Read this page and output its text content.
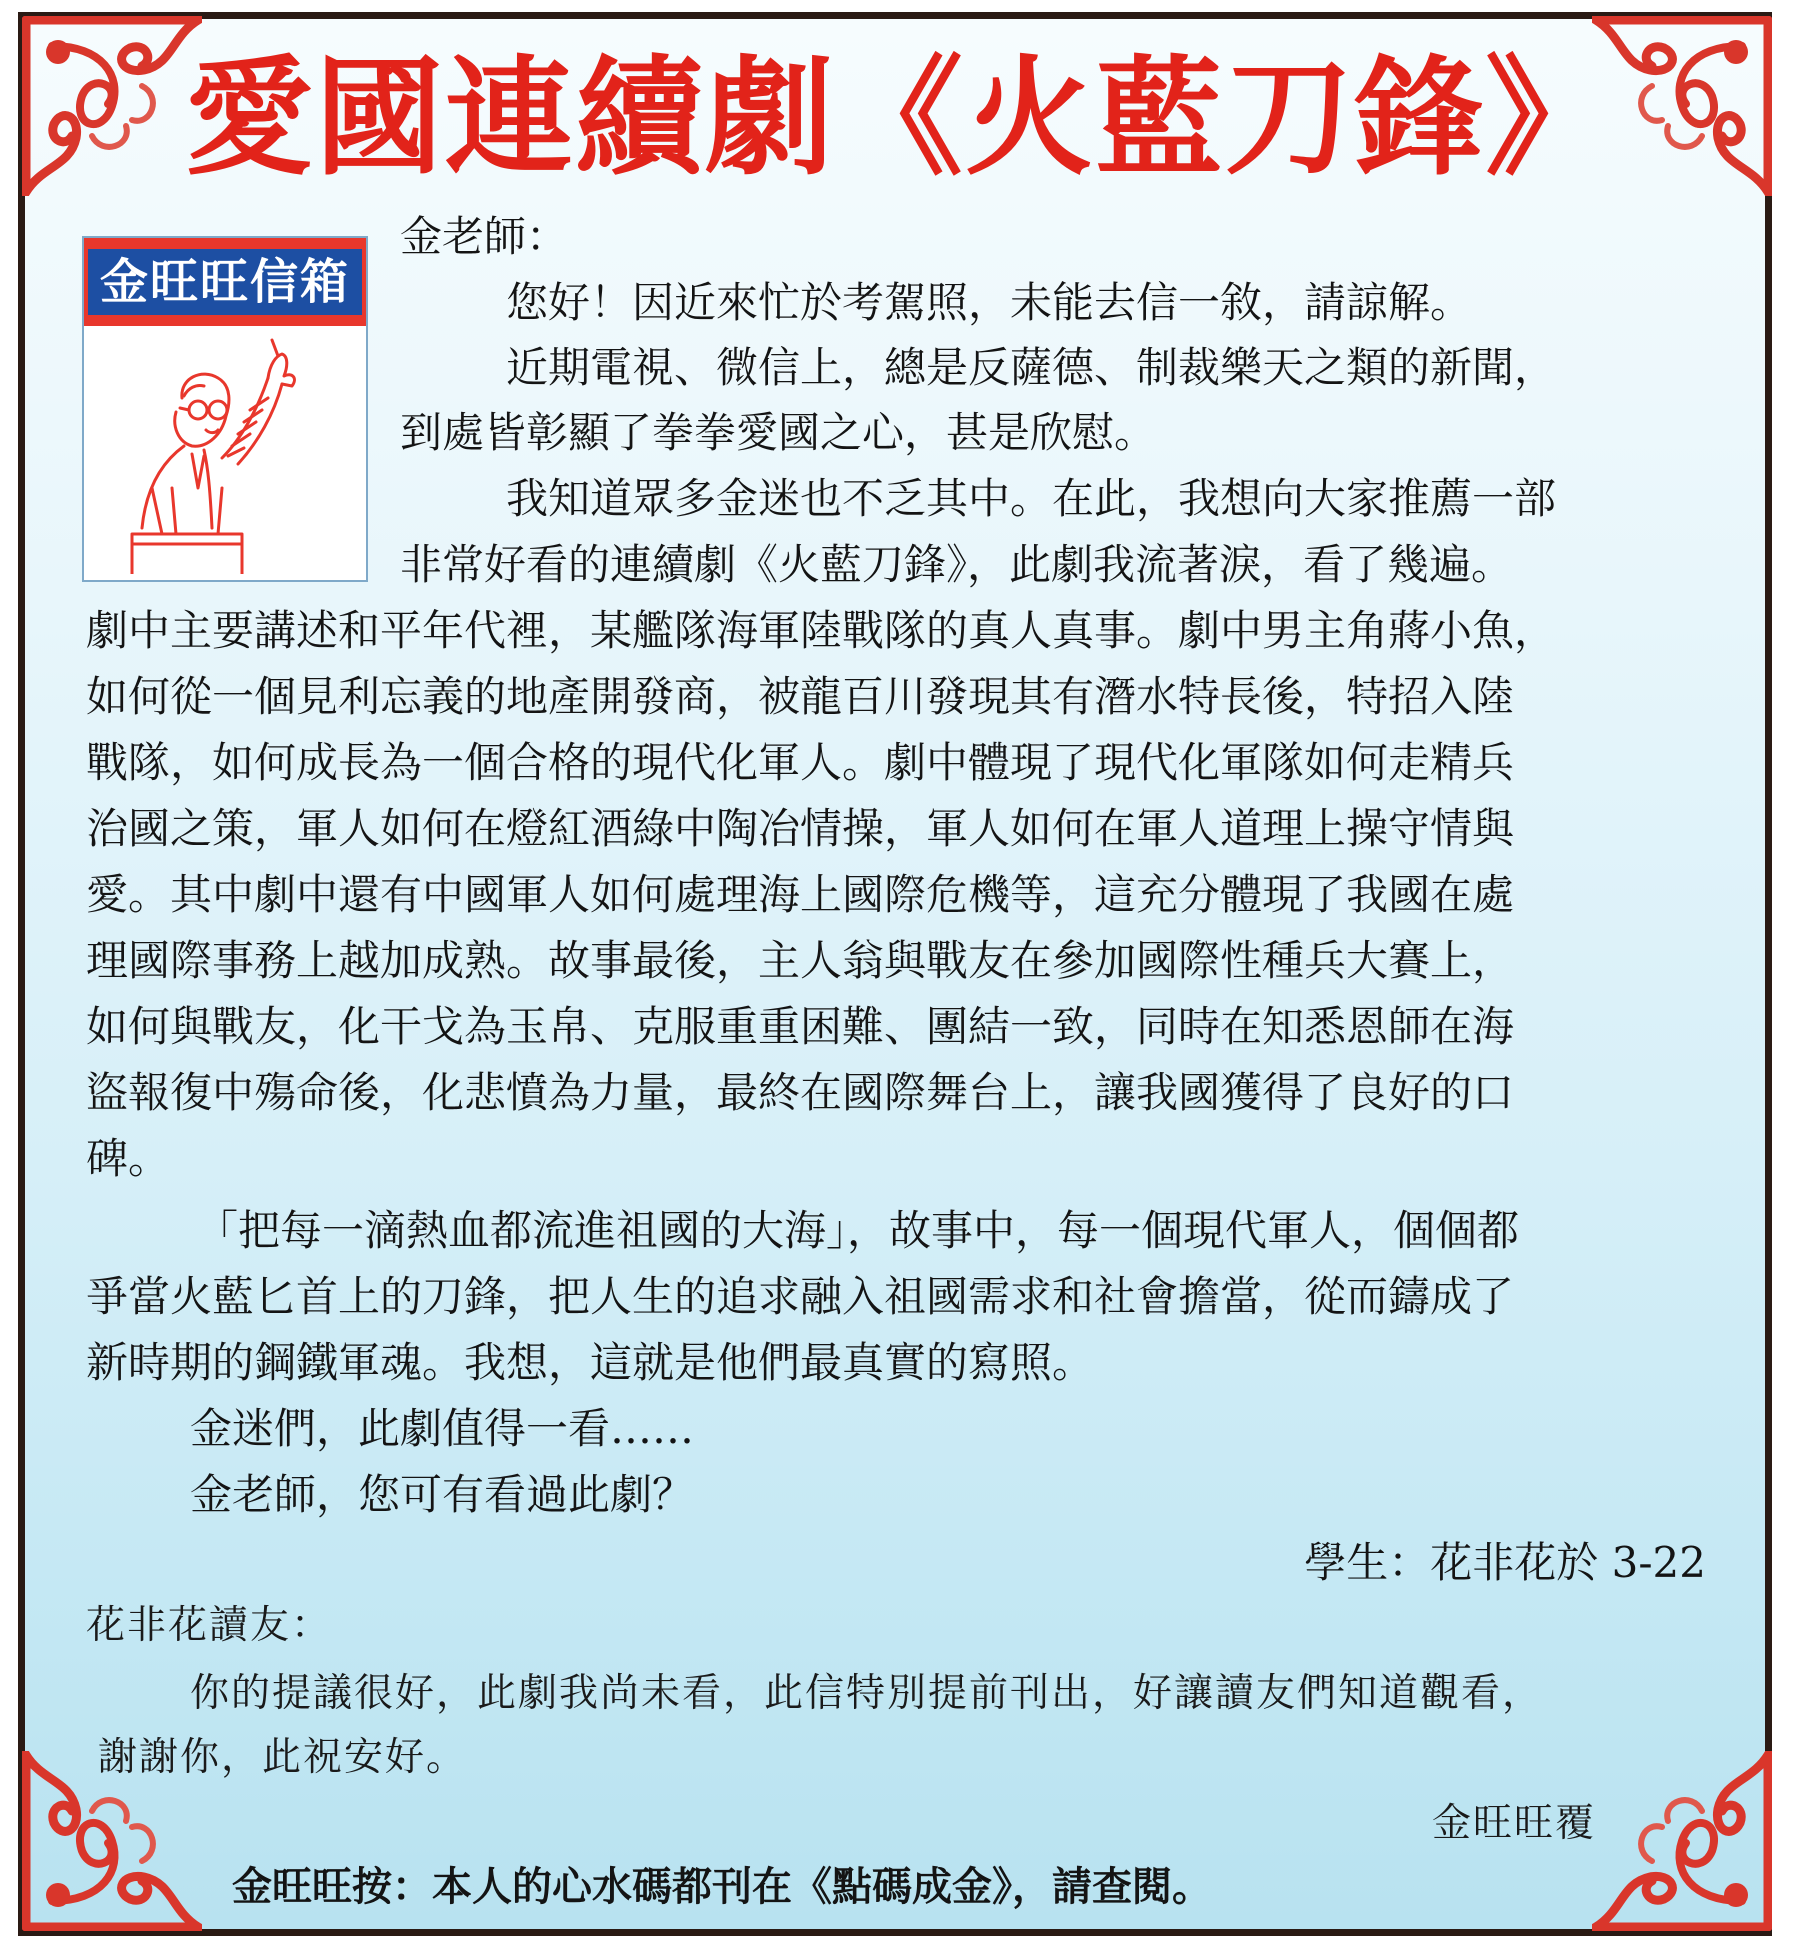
愛國連續劇《火藍刀鋒》
金旺旺信箱

金老師：

您好！因近來忙於考駕照，未能去信一敘，請諒解。

近期電視、微信上，總是反薩德、制裁樂天之類的新聞，

到處皆彰顯了拳拳愛國之心，甚是欣慰。

我知道眾多金迷也不乏其中。在此，我想向大家推薦一部

非常好看的連續劇《火藍刀鋒》，此劇我流著淚，看了幾遍。

劇中主要講述和平年代裡，某艦隊海軍陸戰隊的真人真事。劇中男主角蔣小魚，

如何從一個見利忘義的地產開發商，被龍百川發現其有潛水特長後，特招入陸

戰隊，如何成長為一個合格的現代化軍人。劇中體現了現代化軍隊如何走精兵

治國之策，軍人如何在燈紅酒綠中陶冶情操，軍人如何在軍人道理上操守情與

愛。其中劇中還有中國軍人如何處理海上國際危機等，這充分體現了我國在處

理國際事務上越加成熟。故事最後，主人翁與戰友在參加國際性種兵大賽上，

如何與戰友，化干戈為玉帛、克服重重困難、團結一致，同時在知悉恩師在海

盜報復中殤命後，化悲憤為力量，最終在國際舞台上，讓我國獲得了良好的口

碑。

「把每一滴熱血都流進祖國的大海」，故事中，每一個現代軍人，個個都

爭當火藍匕首上的刀鋒，把人生的追求融入祖國需求和社會擔當，從而鑄成了

新時期的鋼鐵軍魂。我想，這就是他們最真實的寫照。

金迷們，此劇值得一看……

金老師，您可有看過此劇？

學生：花非花於 3-22

花非花讀友：

你的提議很好，此劇我尚未看，此信特別提前刊出，好讓讀友們知道觀看，

謝謝你，此祝安好。

金旺旺覆

金旺旺按：本人的心水碼都刊在《點碼成金》，請查閱。
